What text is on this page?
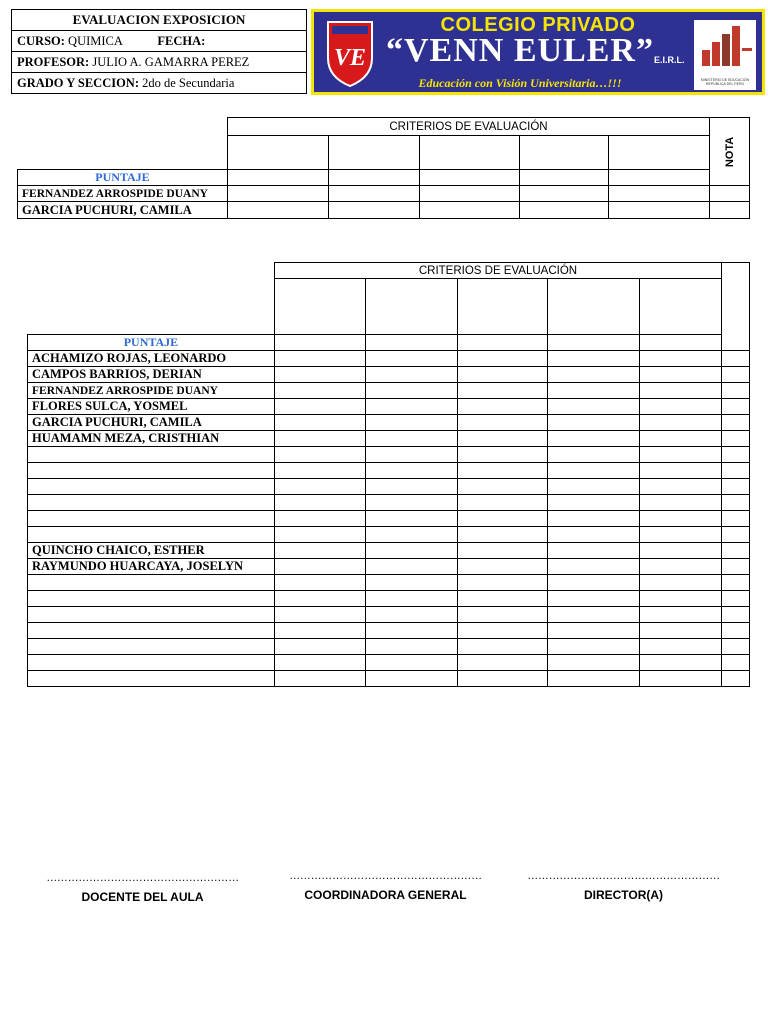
EVALUACION EXPOSICION
CURSO: QUIMICA	FECHA:
PROFESOR: JULIO A. GAMARRA PEREZ
GRADO Y SECCION: 2do de Secundaria
VE
COLEGIO PRIVADO
“VENN EULER” E.I.R.L.
Educación con Visión Universitaria…!!!	MINISTERIO DE EDUCACIÓN
REPÚBLICA DEL PERÚ
	CRITERIOS DE EVALUACIÓN					NOTA

PUNTAJE						
FERNANDEZ ARROSPIDE DUANY						
GARCIA PUCHURI, CAMILA						
	CRITERIOS DE EVALUACIÓN					

PUNTAJE						
ACHAMIZO ROJAS, LEONARDO						
CAMPOS BARRIOS, DERIAN						
FERNANDEZ ARROSPIDE DUANY						
FLORES SULCA, YOSMEL						
GARCIA PUCHURI, CAMILA						
HUAMAMN MEZA, CRISTHIAN						

QUINCHO CHAICO, ESTHER						
RAYMUNDO HUARCAYA, JOSELYN						

………………………………………………
DOCENTE DEL AULA
………………………………………………
COORDINADORA GENERAL
………………………………………………
DIRECTOR(A)
